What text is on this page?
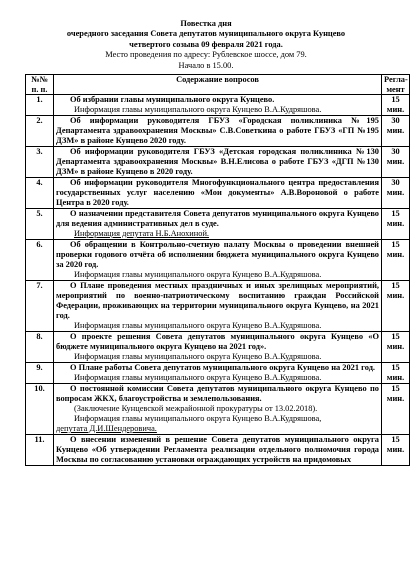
Повестка дня
очередного заседания Совета депутатов муниципального округа Кунцево
четвертого созыва 09 февраля 2021 года.
Место проведения по адресу: Рублевское шоссе, дом 79.
Начало в 15.00.
№№ п. п.	Содержание вопросов	Регла-мент
1.	Об избрании главы муниципального округа Кунцево.
Информация главы муниципального округа Кунцево В.А.Кудряшова.	15 мин.
2.	Об информации руководителя ГБУЗ «Городская поликлиника №195 Департамента здравоохранения Москвы» С.В.Советкина о работе ГБУЗ «ГП №195 ДЗМ» в районе Кунцево 2020 году.	30 мин.
3.	Об информации руководителя ГБУЗ «Детская городская поликлиника №130 Департамента здравоохранения Москвы» В.Н.Елисова о работе ГБУЗ «ДГП №130 ДЗМ» в районе Кунцево в 2020 году.	30 мин.
4.	Об информации руководителя Многофункционального центра предоставления государственных услуг населению «Мои документы» А.В.Вороновой о работе Центра в 2020 году.	30 мин.
5.	О назначении представителя Совета депутатов муниципального округа Кунцево для ведения административных дел в суде.
Информация депутата Н.Б.Анохиной.	15 мин.
6.	Об обращении в Контрольно-счетную палату Москвы о проведении внешней проверки годового отчёта об исполнении бюджета муниципального округа Кунцево за 2020 год.
Информация главы муниципального округа Кунцево В.А.Кудряшова.	15 мин.
7.	О Плане проведения местных праздничных и иных зрелищных мероприятий, мероприятий по военно-патриотическому воспитанию граждан Российской Федерации, проживающих на территории муниципального округа Кунцево, на 2021 год.
Информация главы муниципального округа Кунцево В.А.Кудряшова.	15 мин.
8.	О проекте решения Совета депутатов муниципального округа Кунцево «О бюджете муниципального округа Кунцево на 2021 год».
Информация главы муниципального округа Кунцево В.А.Кудряшова.	15 мин.
9.	О Плане работы Совета депутатов муниципального округа Кунцево на 2021 год.
Информация главы муниципального округа Кунцево В.А.Кудряшова.	15 мин.
10.	О постоянной комиссии Совета депутатов муниципального округа Кунцево по вопросам ЖКХ, благоустройства и землепользования.
(Заключение Кунцевской межрайонной прокуратуры от 13.02.2018).
Информация главы муниципального округа Кунцево В.А.Кудряшова,
депутата Д.И.Шендеровича.	15 мин.
11.	О внесении изменений в решение Совета депутатов муниципального округа Кунцево «Об утверждении Регламента реализации отдельного полномочия города Москвы по согласованию установки ограждающих устройств на придомовых	15 мин.
